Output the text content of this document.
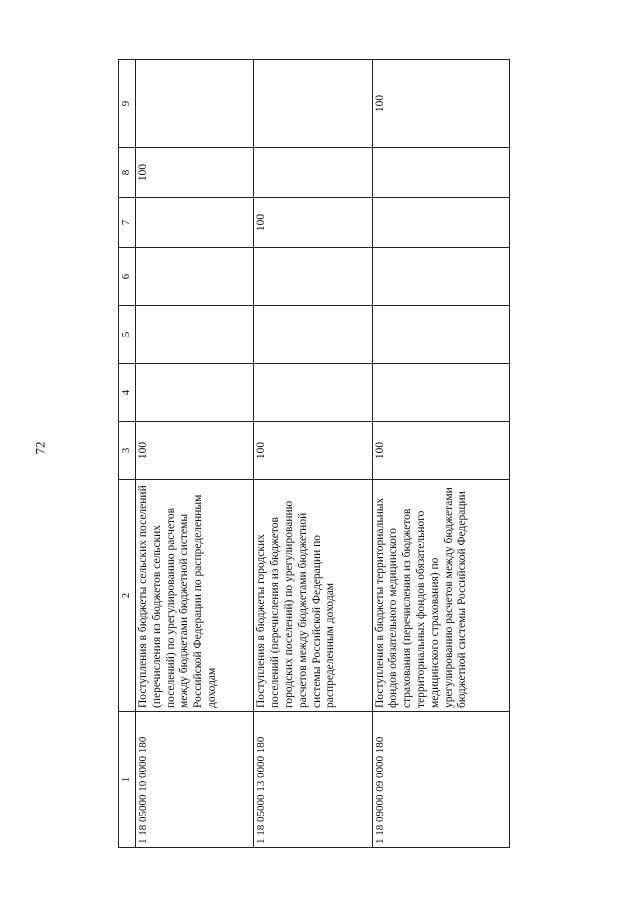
72
1	2	3	4	5	6	7	8	9
1 18 05000 10 0000 180	Поступления в бюджеты сельских поселений (перечисления из бюджетов сельских поселений) по урегулированию расчетов между бюджетами бюджетной системы Российской Федерации по распределенным доходам	100					100	
1 18 05000 13 0000 180	Поступления в бюджеты городских поселений (перечисления из бюджетов городских поселений) по урегулированию расчетов между бюджетами бюджетной системы Российской Федерации по распределенным доходам	100				100		
1 18 09000 09 0000 180	Поступления в бюджеты территориальных фондов обязательного медицинского страхования (перечисления из бюджетов территориальных фондов обязательного медицинского страхования) по урегулированию расчетов между бюджетами бюджетной системы Российской Федерации	100						100
